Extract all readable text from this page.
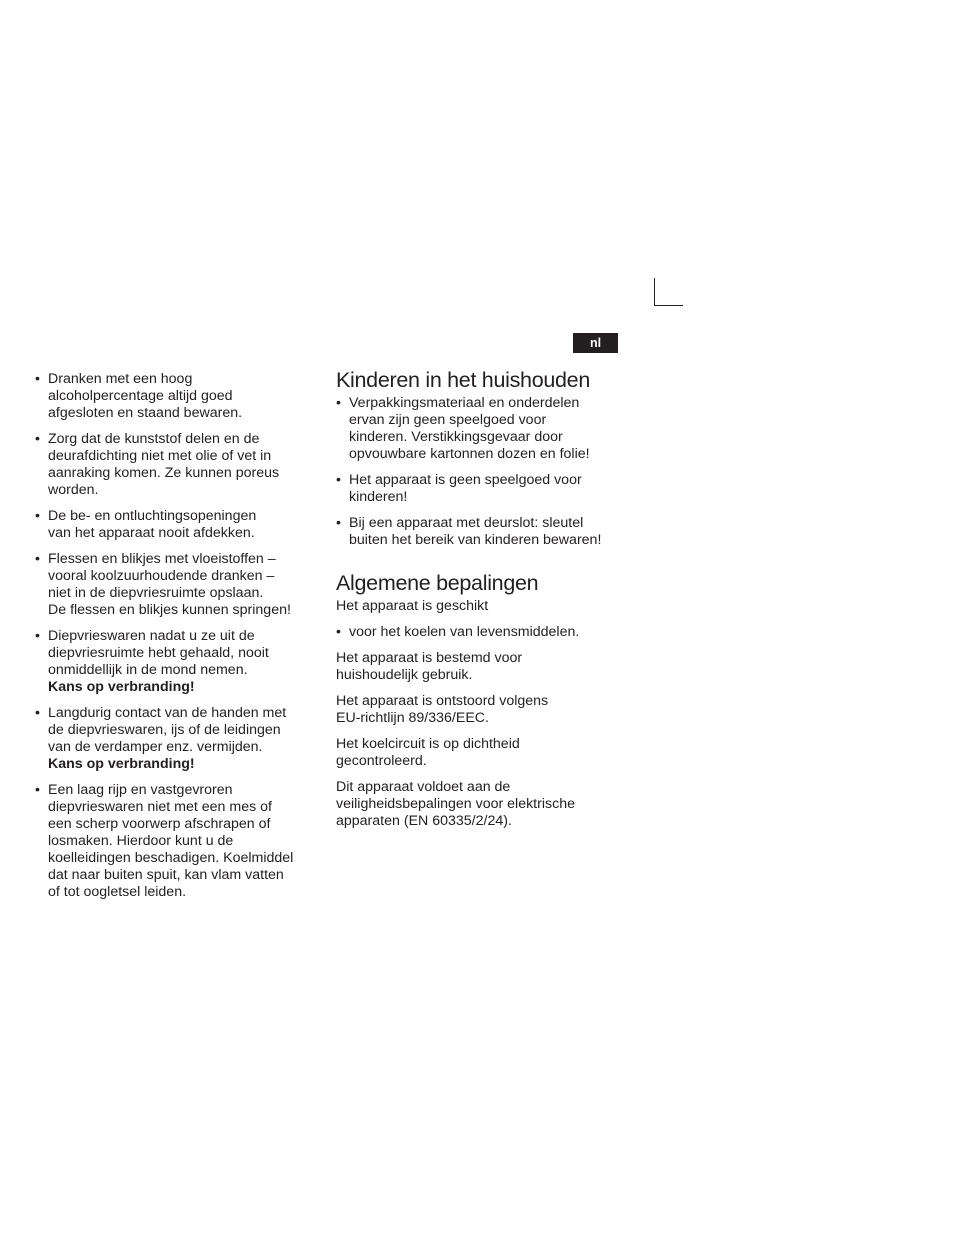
nl
• Dranken met een hoog
alcoholpercentage altijd goed
afgesloten en staand bewaren.
• Zorg dat de kunststof delen en de
deurafdichting niet met olie of vet in
aanraking komen. Ze kunnen poreus
worden.
• De be- en ontluchtingsopeningen
van het apparaat nooit afdekken.
• Flessen en blikjes met vloeistoffen –
vooral koolzuurhoudende dranken –
niet in de diepvriesruimte opslaan.
De flessen en blikjes kunnen springen!
• Diepvrieswaren nadat u ze uit de
diepvriesruimte hebt gehaald, nooit
onmiddellijk in de mond nemen.
Kans op verbranding!
• Langdurig contact van de handen met
de diepvrieswaren, ijs of de leidingen
van de verdamper enz. vermijden.
Kans op verbranding!
• Een laag rijp en vastgevroren
diepvrieswaren niet met een mes of
een scherp voorwerp afschrapen of
losmaken. Hierdoor kunt u de
koelleidingen beschadigen. Koelmiddel
dat naar buiten spuit, kan vlam vatten
of tot oogletsel leiden.
Kinderen in het huishouden
• Verpakkingsmateriaal en onderdelen
ervan zijn geen speelgoed voor
kinderen. Verstikkingsgevaar door
opvouwbare kartonnen dozen en folie!
• Het apparaat is geen speelgoed voor
kinderen!
• Bij een apparaat met deurslot: sleutel
buiten het bereik van kinderen bewaren!
Algemene bepalingen

Het apparaat is geschikt

• voor het koelen van levensmiddelen.

Het apparaat is bestemd voor
huishoudelijk gebruik.

Het apparaat is ontstoord volgens
EU-richtlijn 89/336/EEC.

Het koelcircuit is op dichtheid
gecontroleerd.

Dit apparaat voldoet aan de
veiligheidsbepalingen voor elektrische
apparaten (EN 60335/2/24).
